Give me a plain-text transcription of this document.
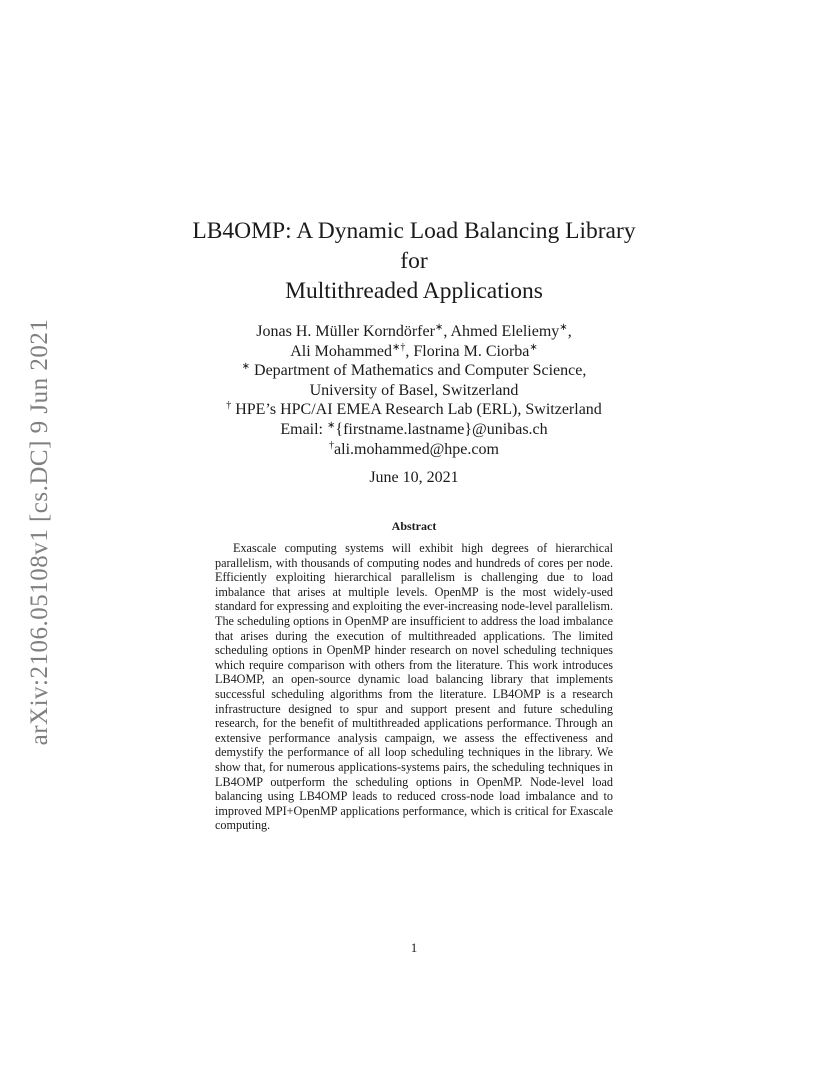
arXiv:2106.05108v1 [cs.DC] 9 Jun 2021
LB4OMP: A Dynamic Load Balancing Library
for
Multithreaded Applications
Jonas H. Müller Korndörfer∗, Ahmed Eleliemy∗,
Ali Mohammed∗†, Florina M. Ciorba∗
∗ Department of Mathematics and Computer Science,
University of Basel, Switzerland
† HPE’s HPC/AI EMEA Research Lab (ERL), Switzerland
Email: ∗{firstname.lastname}@unibas.ch
†ali.mohammed@hpe.com
June 10, 2021
Abstract

Exascale computing systems will exhibit high degrees of hierarchical parallelism, with thousands of computing nodes and hundreds of cores per node. Efficiently exploiting hierarchical parallelism is challenging due to load imbalance that arises at multiple levels. OpenMP is the most widely-used standard for expressing and exploiting the ever-increasing node-level parallelism. The scheduling options in OpenMP are insufficient to address the load imbalance that arises during the execution of multithreaded applications. The limited scheduling options in OpenMP hinder research on novel scheduling techniques which require comparison with others from the literature. This work introduces LB4OMP, an open-source dynamic load balancing library that implements successful scheduling algorithms from the literature. LB4OMP is a research infrastructure designed to spur and support present and future scheduling research, for the benefit of multithreaded applications performance. Through an extensive performance analysis campaign, we assess the effectiveness and demystify the performance of all loop scheduling techniques in the library. We show that, for numerous applications-systems pairs, the scheduling techniques in LB4OMP outperform the scheduling options in OpenMP. Node-level load balancing using LB4OMP leads to reduced cross-node load imbalance and to improved MPI+OpenMP applications performance, which is critical for Exascale computing.

1
